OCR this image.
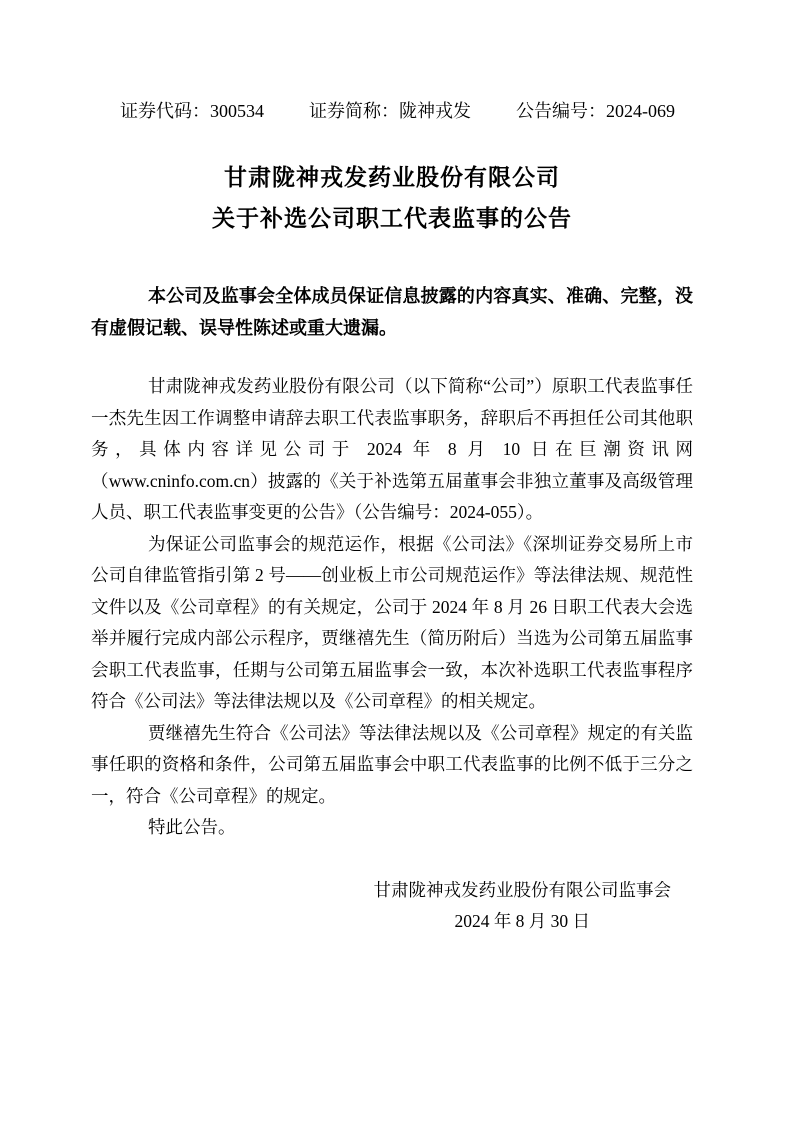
证券代码：300534	证券简称：陇神戎发	公告编号：2024-069
甘肃陇神戎发药业股份有限公司
关于补选公司职工代表监事的公告

本公司及监事会全体成员保证信息披露的内容真实、准确、完整，没有虚假记载、误导性陈述或重大遗漏。

甘肃陇神戎发药业股份有限公司（以下简称“公司”）原职工代表监事任一杰先生因工作调整申请辞去职工代表监事职务，辞职后不再担任公司其他职务，具体内容详见公司于 2024 年 8 月 10 日在巨潮资讯网（www.cninfo.com.cn）披露的《关于补选第五届董事会非独立董事及高级管理人员、职工代表监事变更的公告》（公告编号：2024-055）。

为保证公司监事会的规范运作，根据《公司法》《深圳证券交易所上市公司自律监管指引第 2 号——创业板上市公司规范运作》等法律法规、规范性文件以及《公司章程》的有关规定，公司于 2024 年 8 月 26 日职工代表大会选举并履行完成内部公示程序，贾继禧先生（简历附后）当选为公司第五届监事会职工代表监事，任期与公司第五届监事会一致，本次补选职工代表监事程序符合《公司法》等法律法规以及《公司章程》的相关规定。

贾继禧先生符合《公司法》等法律法规以及《公司章程》规定的有关监事任职的资格和条件，公司第五届监事会中职工代表监事的比例不低于三分之一，符合《公司章程》的规定。

特此公告。

甘肃陇神戎发药业股份有限公司监事会
2024 年 8 月 30 日
